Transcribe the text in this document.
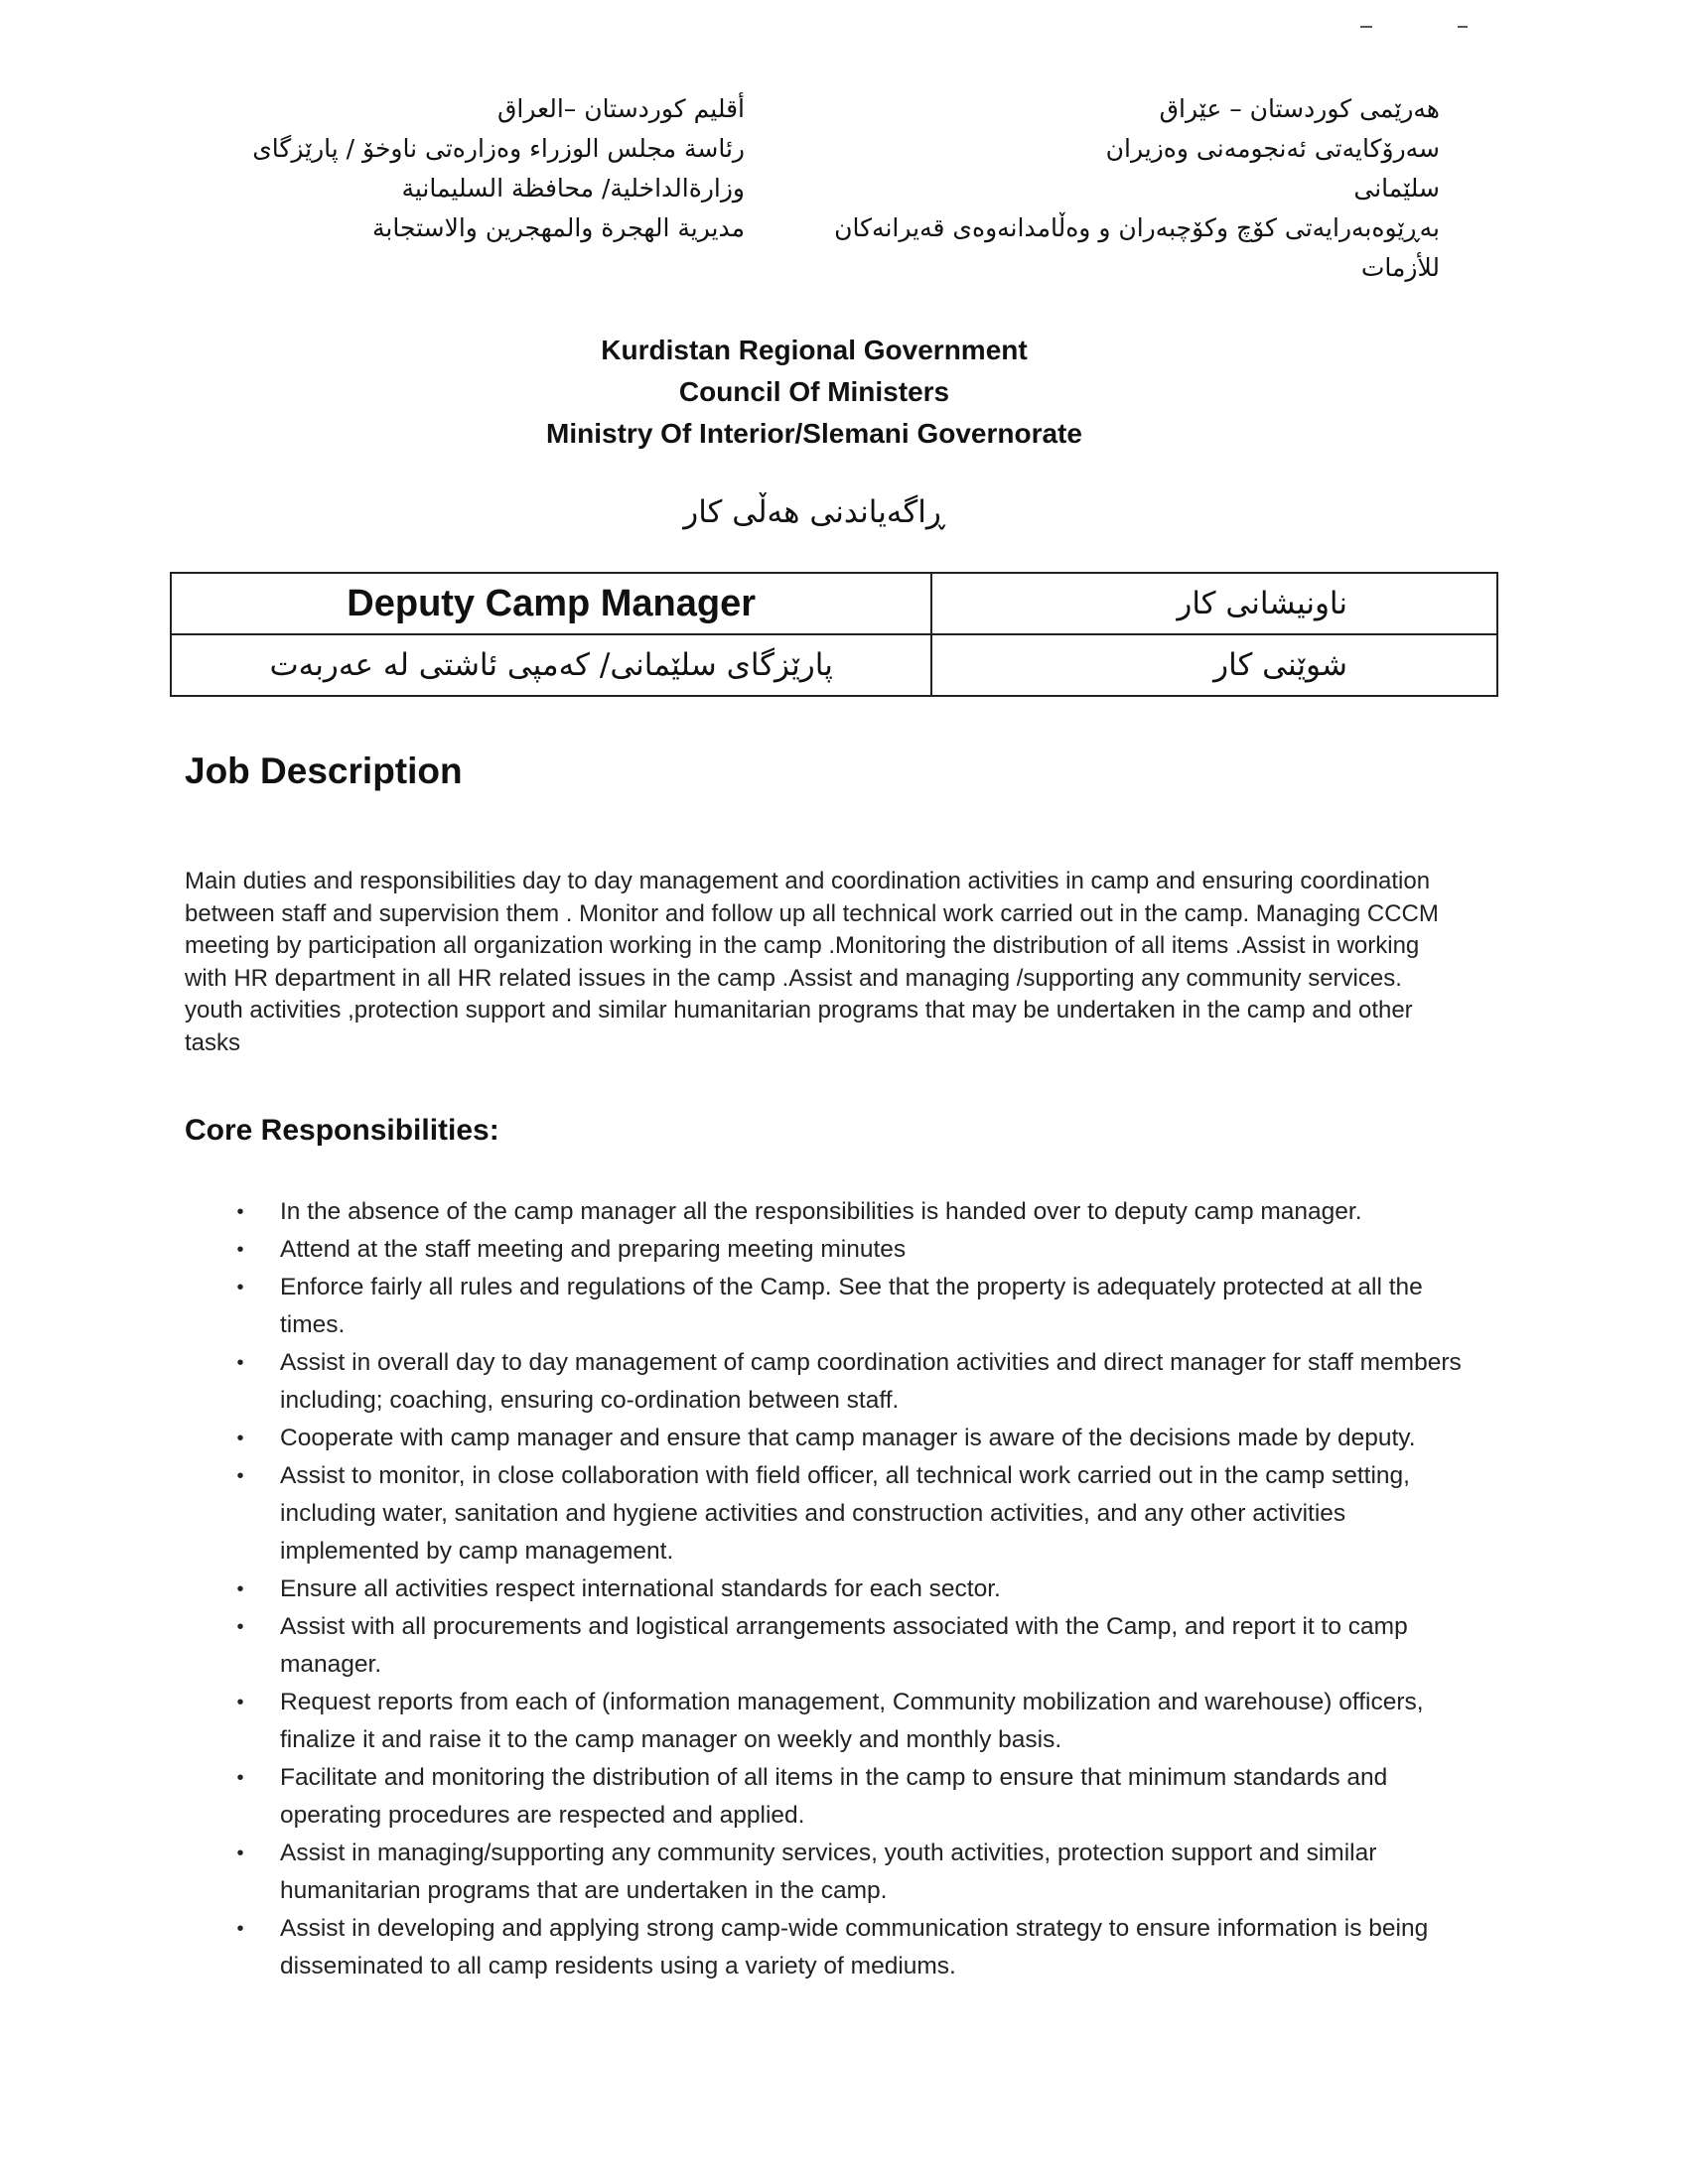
أقليم كوردستان –العراق
رئاسة مجلس الوزراء وەزارەتی ناوخۆ / پارێزگای
وزارةالداخلية/ محافظة السليمانية
مديرية الهجرة والمهجرين والاستجابة
هەرێمی کوردستان – عێراق
سەرۆکایەتی ئەنجومەنی وەزیران
سلێمانی
بەڕێوەبەرایەتی کۆچ وکۆچبەران و وەڵامدانەوەی قەیرانەکان
للأزمات
Kurdistan Regional Government
Council Of Ministers
Ministry Of Interior/Slemani Governorate
ڕاگەیاندنی هەڵی کار
Deputy Camp Manager	ناونیشانی کار
پارێزگای سلێمانی/ کەمپی ئاشتی لە عەربەت	شوێنی کار
Job Description
Main duties and responsibilities day to day management and coordination activities in camp and ensuring coordination between staff and supervision them . Monitor and follow up all technical work carried out in the camp. Managing CCCM meeting by participation all organization working in the camp .Monitoring the distribution of all items .Assist in working with HR department in all HR related issues in the camp .Assist and managing /supporting any community services. youth activities ,protection support and similar humanitarian programs that may be undertaken in the camp and other tasks
Core Responsibilities:
• In the absence of the camp manager all the responsibilities is handed over to deputy camp manager.
• Attend at the staff meeting and preparing meeting minutes
• Enforce fairly all rules and regulations of the Camp. See that the property is adequately protected at all the times.
• Assist in overall day to day management of camp coordination activities and direct manager for staff members including; coaching, ensuring co-ordination between staff.
• Cooperate with camp manager and ensure that camp manager is aware of the decisions made by deputy.
• Assist to monitor, in close collaboration with field officer, all technical work carried out in the camp setting, including water, sanitation and hygiene activities and construction activities, and any other activities implemented by camp management.
• Ensure all activities respect international standards for each sector.
• Assist with all procurements and logistical arrangements associated with the Camp, and report it to camp manager.
• Request reports from each of (information management, Community mobilization and warehouse) officers, finalize it and raise it to the camp manager on weekly and monthly basis.
• Facilitate and monitoring the distribution of all items in the camp to ensure that minimum standards and operating procedures are respected and applied.
• Assist in managing/supporting any community services, youth activities, protection support and similar humanitarian programs that are undertaken in the camp.
• Assist in developing and applying strong camp-wide communication strategy to ensure information is being disseminated to all camp residents using a variety of mediums.
